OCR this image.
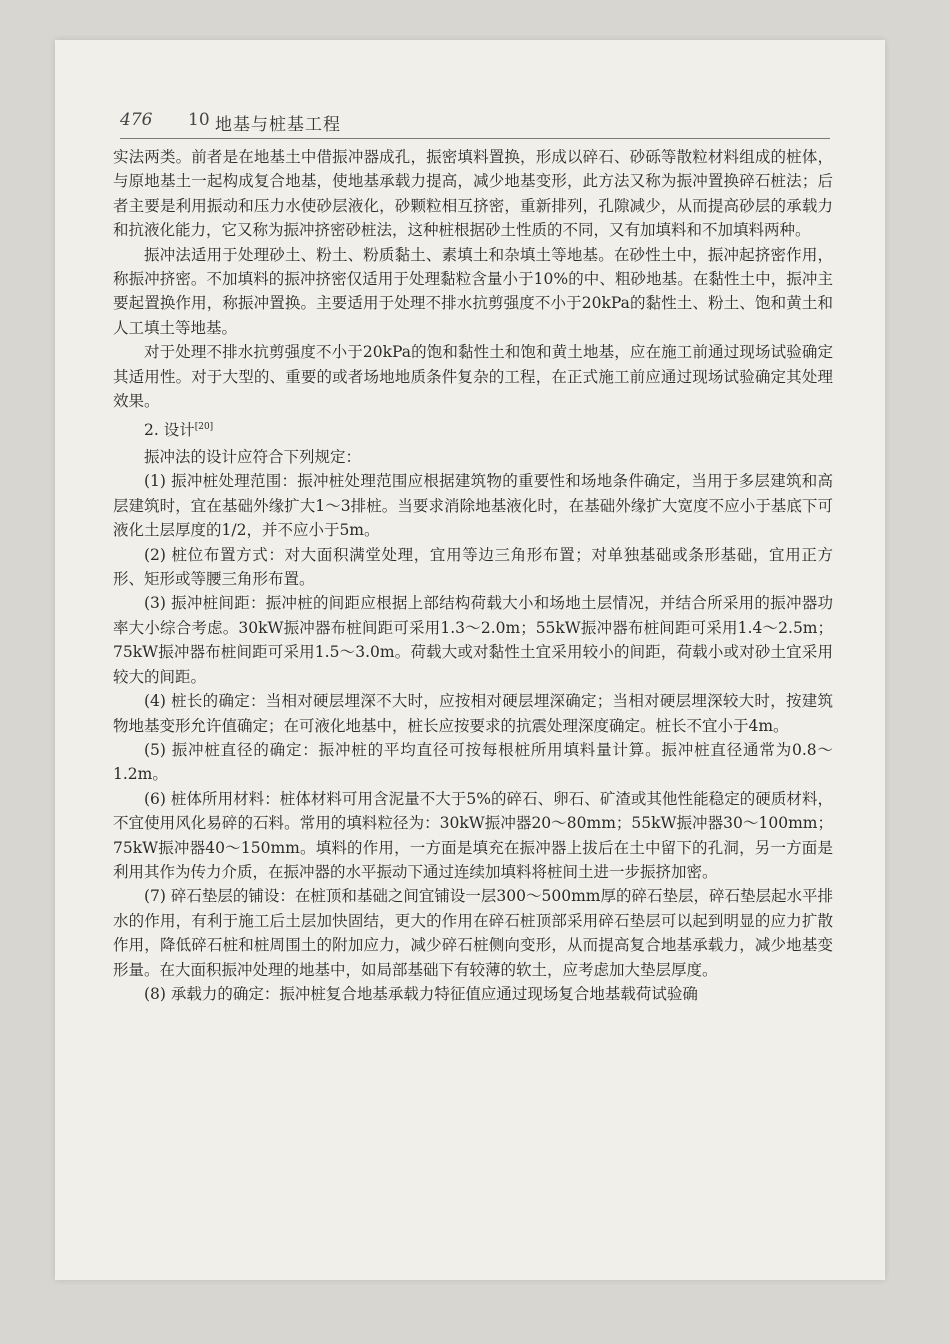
476 10 地基与桩基工程

实法两类。前者是在地基土中借振冲器成孔，振密填料置换，形成以碎石、砂砾等散粒材料组成的桩体，与原地基土一起构成复合地基，使地基承载力提高，减少地基变形，此方法又称为振冲置换碎石桩法；后者主要是利用振动和压力水使砂层液化，砂颗粒相互挤密，重新排列，孔隙减少，从而提高砂层的承载力和抗液化能力，它又称为振冲挤密砂桩法，这种桩根据砂土性质的不同，又有加填料和不加填料两种。

振冲法适用于处理砂土、粉土、粉质黏土、素填土和杂填土等地基。在砂性土中，振冲起挤密作用，称振冲挤密。不加填料的振冲挤密仅适用于处理黏粒含量小于10%的中、粗砂地基。在黏性土中，振冲主要起置换作用，称振冲置换。主要适用于处理不排水抗剪强度不小于20kPa的黏性土、粉土、饱和黄土和人工填土等地基。

对于处理不排水抗剪强度不小于20kPa的饱和黏性土和饱和黄土地基，应在施工前通过现场试验确定其适用性。对于大型的、重要的或者场地地质条件复杂的工程，在正式施工前应通过现场试验确定其处理效果。

2. 设计[20]

振冲法的设计应符合下列规定：

(1) 振冲桩处理范围：振冲桩处理范围应根据建筑物的重要性和场地条件确定，当用于多层建筑和高层建筑时，宜在基础外缘扩大1～3排桩。当要求消除地基液化时，在基础外缘扩大宽度不应小于基底下可液化土层厚度的1/2，并不应小于5m。

(2) 桩位布置方式：对大面积满堂处理，宜用等边三角形布置；对单独基础或条形基础，宜用正方形、矩形或等腰三角形布置。

(3) 振冲桩间距：振冲桩的间距应根据上部结构荷载大小和场地土层情况，并结合所采用的振冲器功率大小综合考虑。30kW振冲器布桩间距可采用1.3～2.0m；55kW振冲器布桩间距可采用1.4～2.5m；75kW振冲器布桩间距可采用1.5～3.0m。荷载大或对黏性土宜采用较小的间距，荷载小或对砂土宜采用较大的间距。

(4) 桩长的确定：当相对硬层埋深不大时，应按相对硬层埋深确定；当相对硬层埋深较大时，按建筑物地基变形允许值确定；在可液化地基中，桩长应按要求的抗震处理深度确定。桩长不宜小于4m。

(5) 振冲桩直径的确定：振冲桩的平均直径可按每根桩所用填料量计算。振冲桩直径通常为0.8～1.2m。

(6) 桩体所用材料：桩体材料可用含泥量不大于5%的碎石、卵石、矿渣或其他性能稳定的硬质材料，不宜使用风化易碎的石料。常用的填料粒径为：30kW振冲器20～80mm；55kW振冲器30～100mm；75kW振冲器40～150mm。填料的作用，一方面是填充在振冲器上拔后在土中留下的孔洞，另一方面是利用其作为传力介质，在振冲器的水平振动下通过连续加填料将桩间土进一步振挤加密。

(7) 碎石垫层的铺设：在桩顶和基础之间宜铺设一层300～500mm厚的碎石垫层，碎石垫层起水平排水的作用，有利于施工后土层加快固结，更大的作用在碎石桩顶部采用碎石垫层可以起到明显的应力扩散作用，降低碎石桩和桩周围土的附加应力，减少碎石桩侧向变形，从而提高复合地基承载力，减少地基变形量。在大面积振冲处理的地基中，如局部基础下有较薄的软土，应考虑加大垫层厚度。

(8) 承载力的确定：振冲桩复合地基承载力特征值应通过现场复合地基载荷试验确
